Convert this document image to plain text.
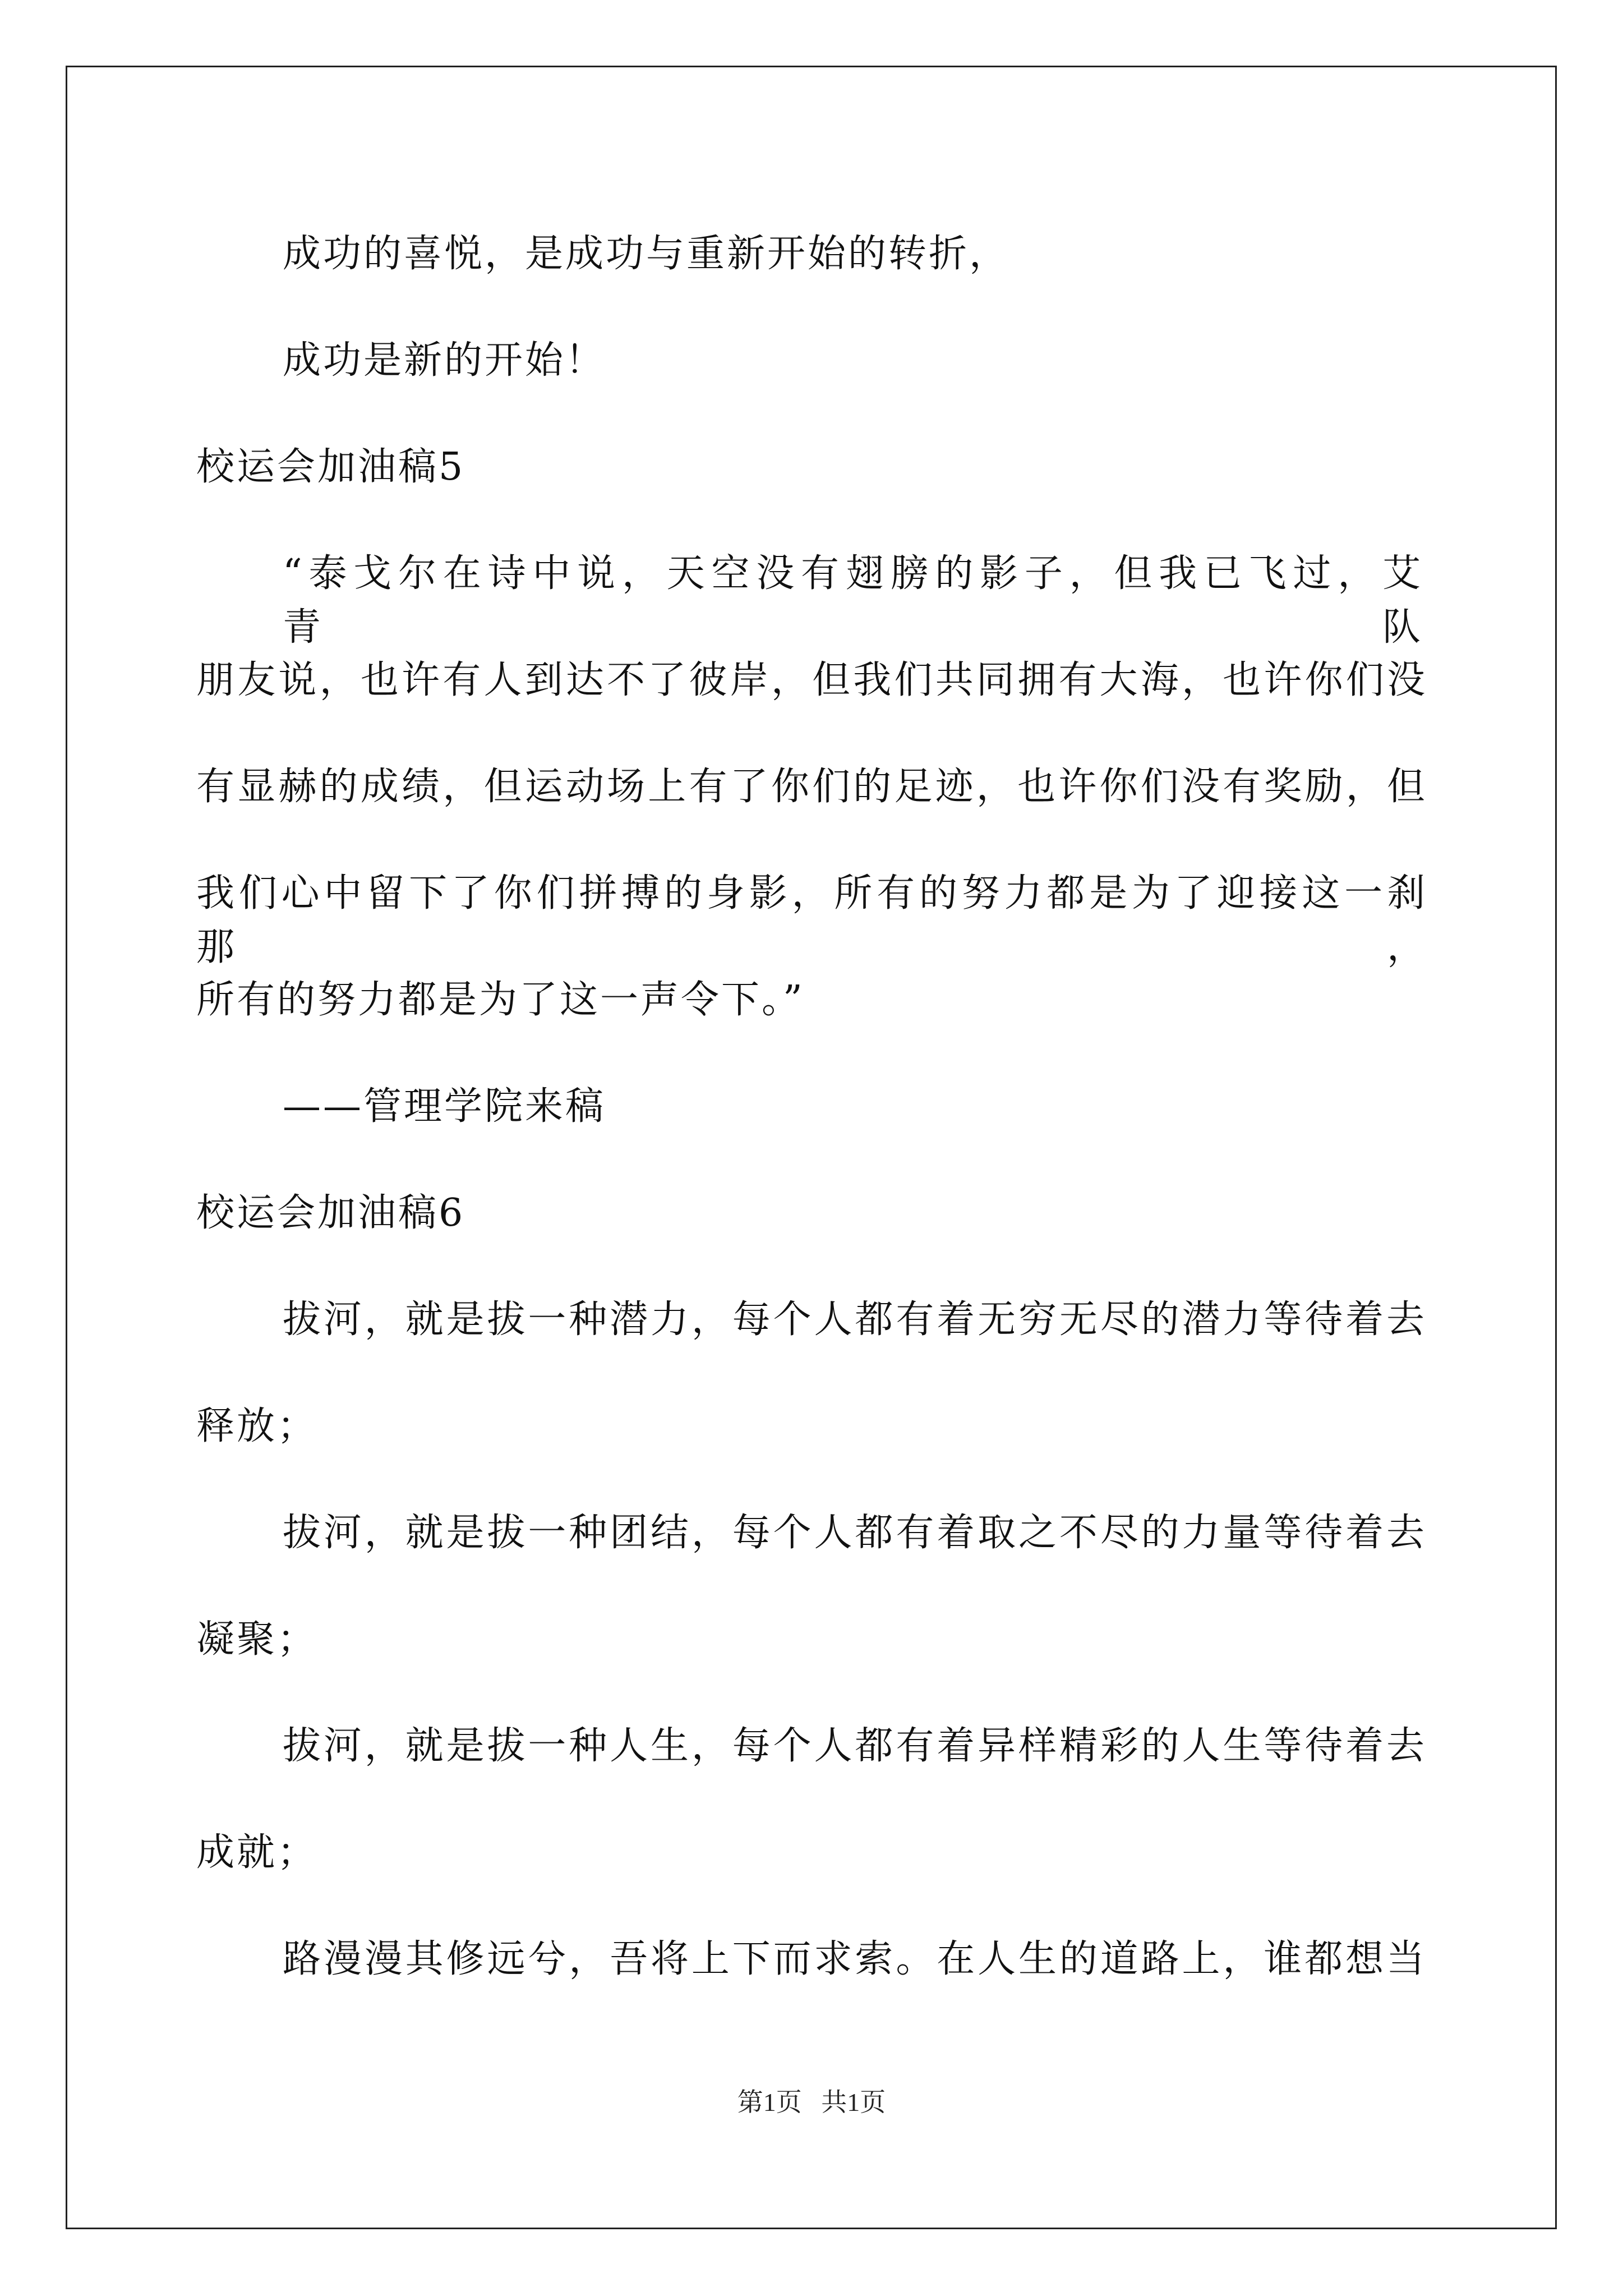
成功的喜悦，是成功与重新开始的转折，
成功是新的开始！
校运会加油稿5
“泰戈尔在诗中说，天空没有翅膀的影子，但我已飞过，艾青队
朋友说，也许有人到达不了彼岸，但我们共同拥有大海，也许你们没
有显赫的成绩，但运动场上有了你们的足迹，也许你们没有奖励，但
我们心中留下了你们拼搏的身影，所有的努力都是为了迎接这一刹那，
所有的努力都是为了这一声令下。”
——管理学院来稿
校运会加油稿6
拔河，就是拔一种潜力，每个人都有着无穷无尽的潜力等待着去
释放；
拔河，就是拔一种团结，每个人都有着取之不尽的力量等待着去
凝聚；
拔河，就是拔一种人生，每个人都有着异样精彩的人生等待着去
成就；
路漫漫其修远兮，吾将上下而求索。在人生的道路上，谁都想当
第1页   共1页
